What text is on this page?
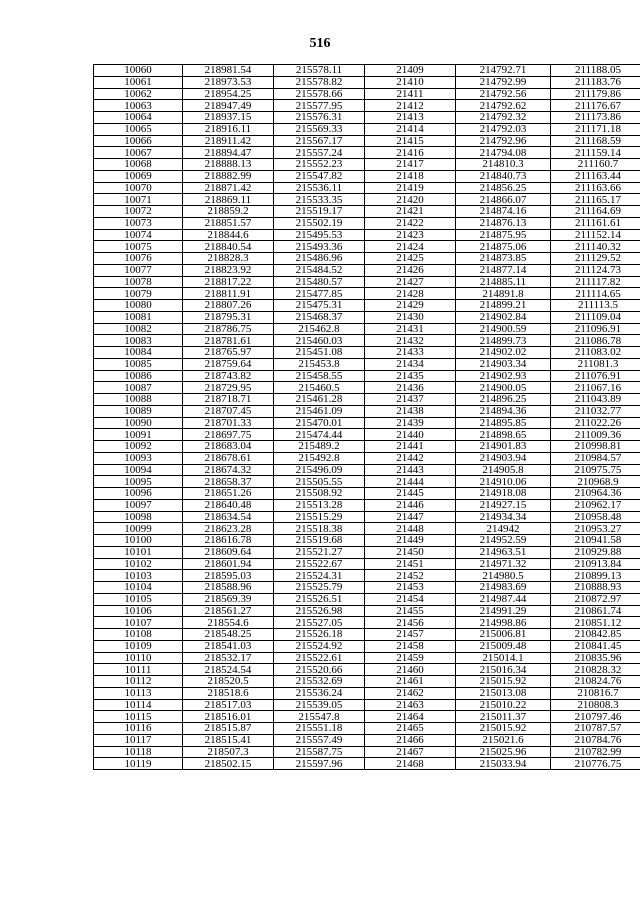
516
10060	218981.54	215578.11	21409	214792.71	211188.05
10061	218973.53	215578.82	21410	214792.99	211183.76
10062	218954.25	215578.66	21411	214792.56	211179.86
10063	218947.49	215577.95	21412	214792.62	211176.67
10064	218937.15	215576.31	21413	214792.32	211173.86
10065	218916.11	215569.33	21414	214792.03	211171.18
10066	218911.42	215567.17	21415	214792.96	211168.59
10067	218894.47	215557.24	21416	214794.08	211159.14
10068	218888.13	215552.23	21417	214810.3	211160.7
10069	218882.99	215547.82	21418	214840.73	211163.44
10070	218871.42	215536.11	21419	214856.25	211163.66
10071	218869.11	215533.35	21420	214866.07	211165.17
10072	218859.2	215519.17	21421	214874.16	211164.69
10073	218851.57	215502.19	21422	214876.13	211161.61
10074	218844.6	215495.53	21423	214875.95	211152.14
10075	218840.54	215493.36	21424	214875.06	211140.32
10076	218828.3	215486.96	21425	214873.85	211129.52
10077	218823.92	215484.52	21426	214877.14	211124.73
10078	218817.22	215480.57	21427	214885.11	211117.82
10079	218811.91	215477.85	21428	214891.8	211114.65
10080	218807.26	215475.31	21429	214899.21	211113.5
10081	218795.31	215468.37	21430	214902.84	211109.04
10082	218786.75	215462.8	21431	214900.59	211096.91
10083	218781.61	215460.03	21432	214899.73	211086.78
10084	218765.97	215451.08	21433	214902.02	211083.02
10085	218759.64	215453.8	21434	214903.34	211081.3
10086	218743.82	215458.55	21435	214902.93	211076.91
10087	218729.95	215460.5	21436	214900.05	211067.16
10088	218718.71	215461.28	21437	214896.25	211043.89
10089	218707.45	215461.09	21438	214894.36	211032.77
10090	218701.33	215470.01	21439	214895.85	211022.26
10091	218697.75	215474.44	21440	214898.65	211009.36
10092	218683.04	215489.2	21441	214901.83	210998.81
10093	218678.61	215492.8	21442	214903.94	210984.57
10094	218674.32	215496.09	21443	214905.8	210975.75
10095	218658.37	215505.55	21444	214910.06	210968.9
10096	218651.26	215508.92	21445	214918.08	210964.36
10097	218640.48	215513.28	21446	214927.15	210962.17
10098	218634.54	215515.29	21447	214934.34	210958.48
10099	218623.28	215518.38	21448	214942	210953.27
10100	218616.78	215519.68	21449	214952.59	210941.58
10101	218609.64	215521.27	21450	214963.51	210929.88
10102	218601.94	215522.67	21451	214971.32	210913.84
10103	218595.03	215524.31	21452	214980.5	210899.13
10104	218588.96	215525.79	21453	214983.69	210888.93
10105	218569.39	215526.51	21454	214987.44	210872.97
10106	218561.27	215526.98	21455	214991.29	210861.74
10107	218554.6	215527.05	21456	214998.86	210851.12
10108	218548.25	215526.18	21457	215006.81	210842.85
10109	218541.03	215524.92	21458	215009.48	210841.45
10110	218532.17	215522.61	21459	215014.1	210835.96
10111	218524.54	215520.66	21460	215016.34	210828.32
10112	218520.5	215532.69	21461	215015.92	210824.76
10113	218518.6	215536.24	21462	215013.08	210816.7
10114	218517.03	215539.05	21463	215010.22	210808.3
10115	218516.01	215547.8	21464	215011.37	210797.46
10116	218515.87	215551.18	21465	215015.92	210787.57
10117	218515.41	215557.49	21466	215021.6	210784.76
10118	218507.3	215587.75	21467	215025.96	210782.99
10119	218502.15	215597.96	21468	215033.94	210776.75
